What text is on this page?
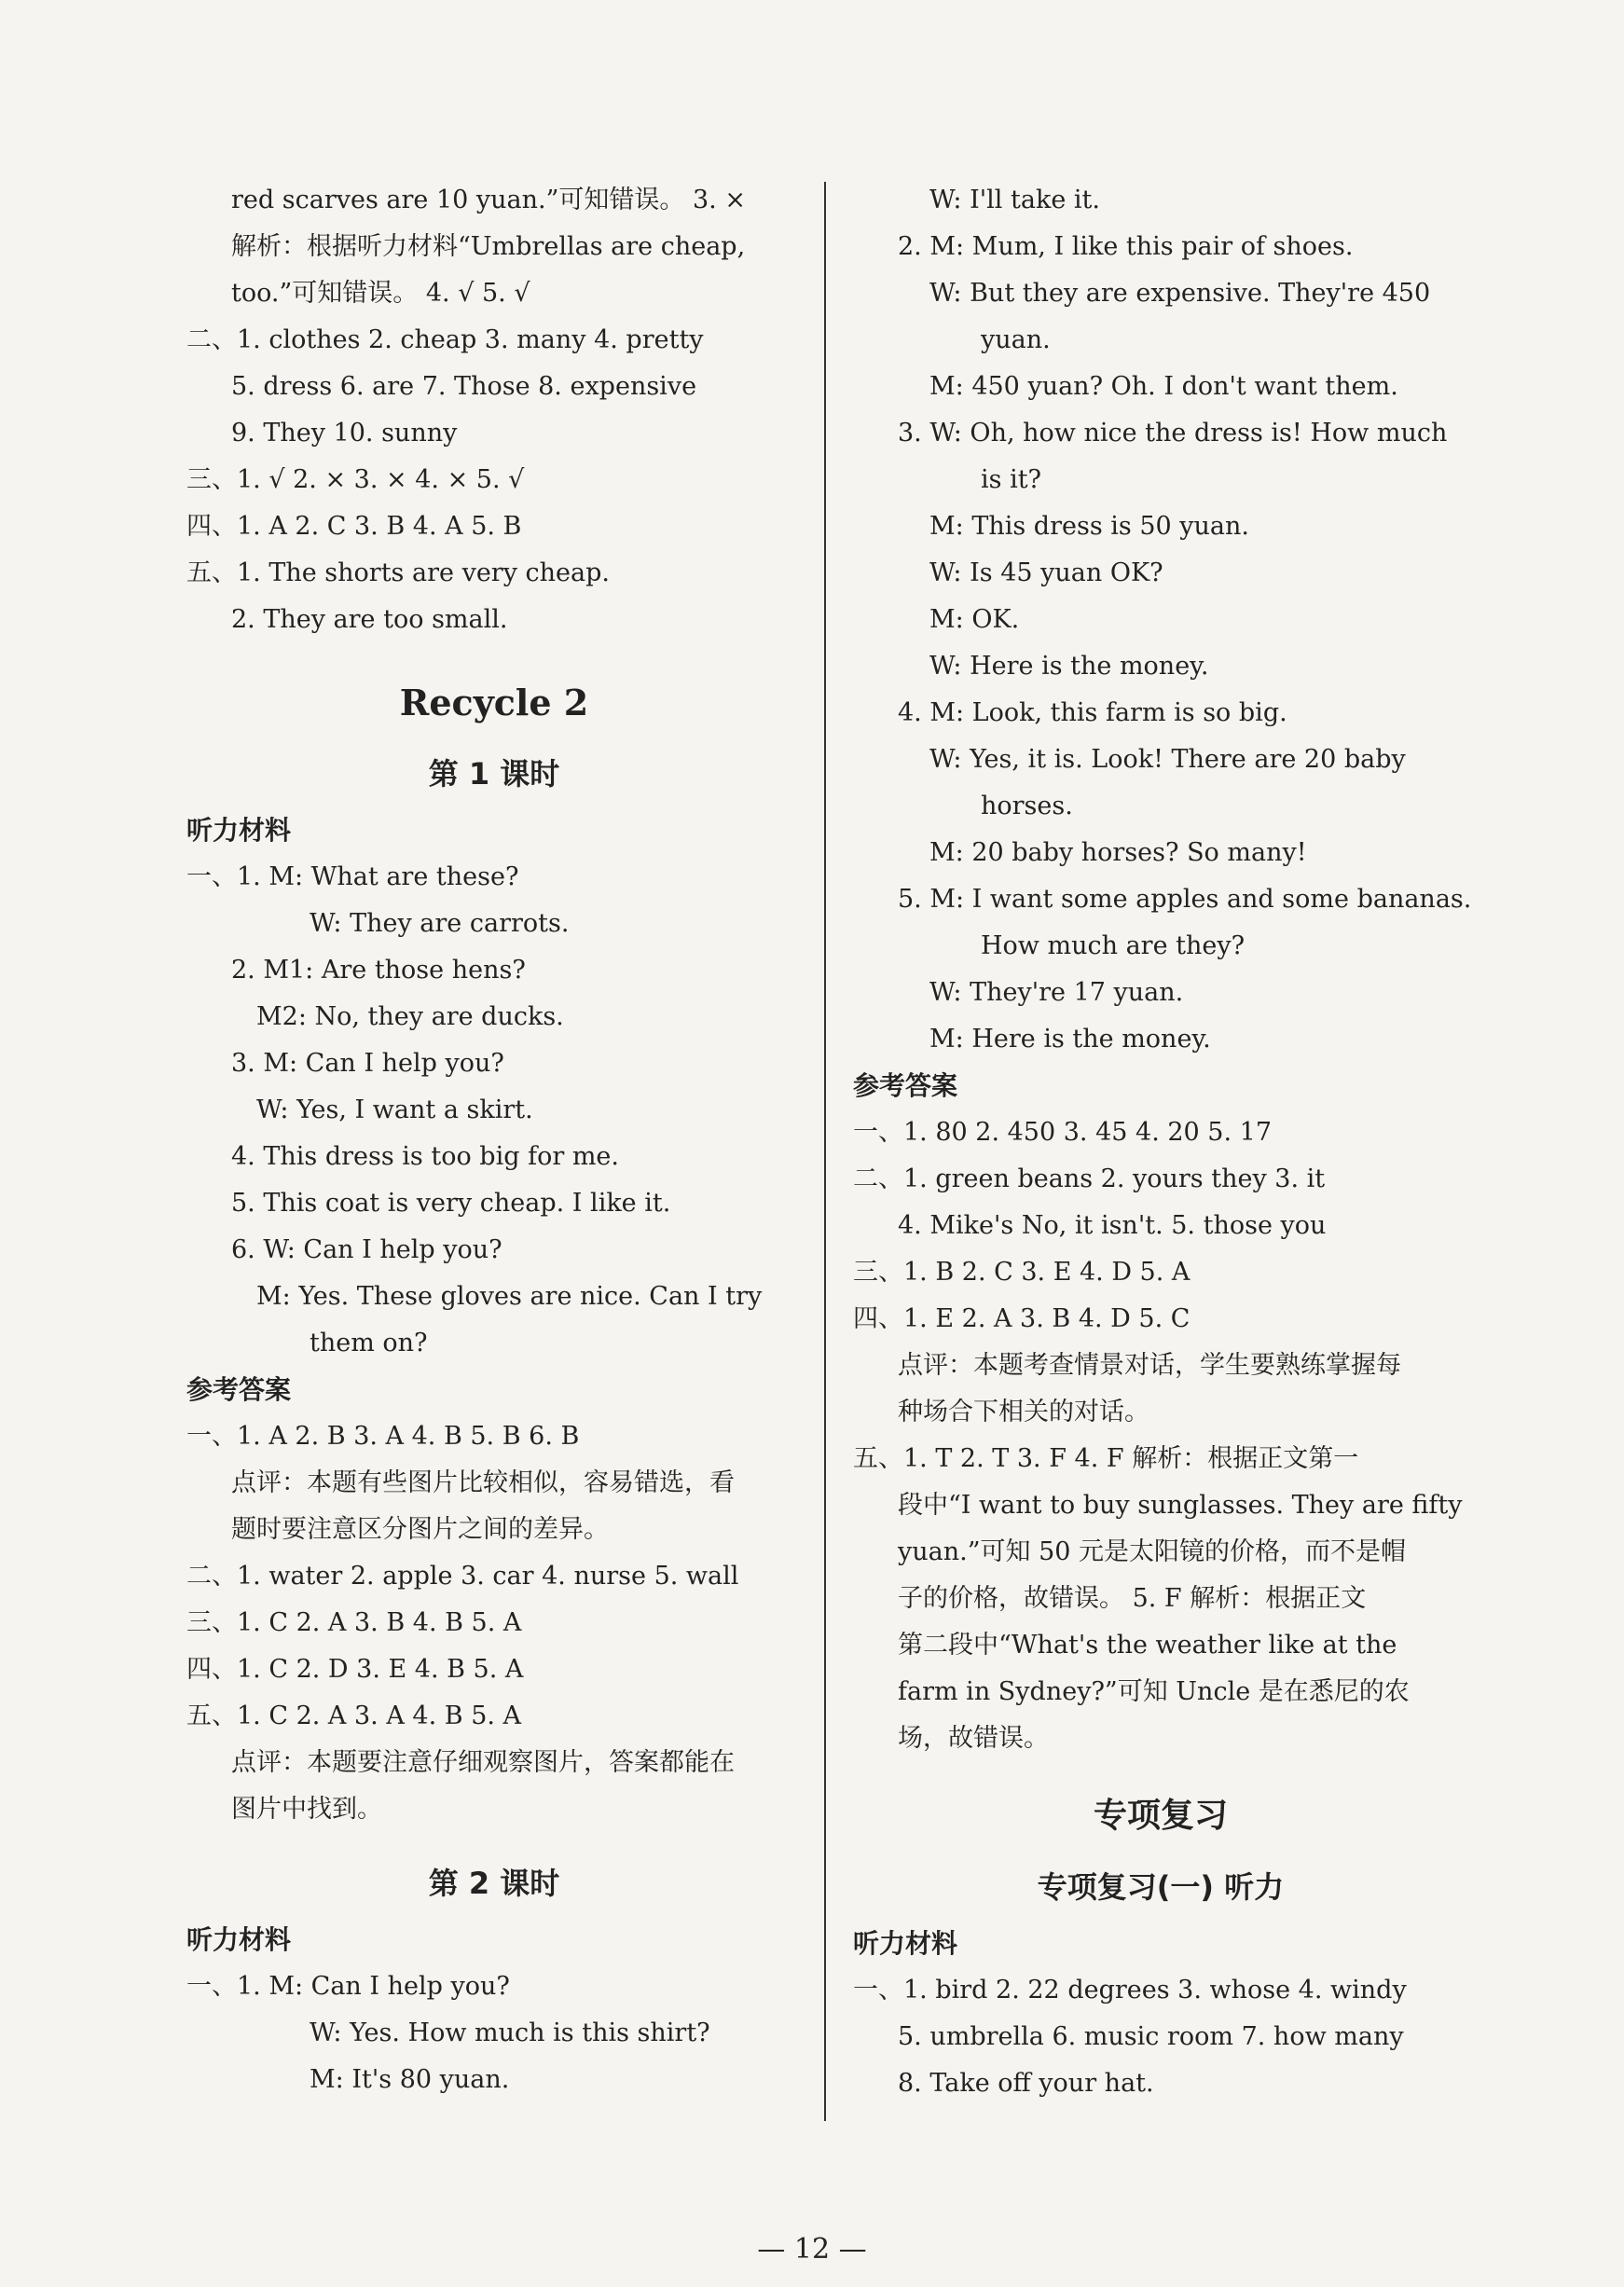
red scarves are 10 yuan.”可知错误。 3. ×
解析：根据听力材料“Umbrellas are cheap,
too.”可知错误。 4. √ 5. √
二、1. clothes 2. cheap 3. many 4. pretty
5. dress 6. are 7. Those 8. expensive
9. They 10. sunny
三、1. √ 2. × 3. × 4. × 5. √
四、1. A 2. C 3. B 4. A 5. B
五、1. The shorts are very cheap.
2. They are too small.
Recycle 2
第 1 课时
听力材料
一、1. M: What are these?
W: They are carrots.
2. M1: Are those hens?
M2: No, they are ducks.
3. M: Can I help you?
W: Yes, I want a skirt.
4. This dress is too big for me.
5. This coat is very cheap. I like it.
6. W: Can I help you?
M: Yes. These gloves are nice. Can I try
them on?
参考答案
一、1. A 2. B 3. A 4. B 5. B 6. B
点评：本题有些图片比较相似，容易错选，看
题时要注意区分图片之间的差异。
二、1. water 2. apple 3. car 4. nurse 5. wall
三、1. C 2. A 3. B 4. B 5. A
四、1. C 2. D 3. E 4. B 5. A
五、1. C 2. A 3. A 4. B 5. A
点评：本题要注意仔细观察图片，答案都能在
图片中找到。
第 2 课时
听力材料
一、1. M: Can I help you?
W: Yes. How much is this shirt?
M: It's 80 yuan.
W: I'll take it.
2. M: Mum, I like this pair of shoes.
W: But they are expensive. They're 450
yuan.
M: 450 yuan? Oh. I don't want them.
3. W: Oh, how nice the dress is! How much
is it?
M: This dress is 50 yuan.
W: Is 45 yuan OK?
M: OK.
W: Here is the money.
4. M: Look, this farm is so big.
W: Yes, it is. Look! There are 20 baby
horses.
M: 20 baby horses? So many!
5. M: I want some apples and some bananas.
How much are they?
W: They're 17 yuan.
M: Here is the money.
参考答案
一、1. 80 2. 450 3. 45 4. 20 5. 17
二、1. green beans 2. yours they 3. it
4. Mike's No, it isn't. 5. those you
三、1. B 2. C 3. E 4. D 5. A
四、1. E 2. A 3. B 4. D 5. C
点评：本题考查情景对话，学生要熟练掌握每
种场合下相关的对话。
五、1. T 2. T 3. F 4. F 解析：根据正文第一
段中“I want to buy sunglasses. They are fifty
yuan.”可知 50 元是太阳镜的价格，而不是帽
子的价格，故错误。 5. F 解析：根据正文
第二段中“What's the weather like at the
farm in Sydney?”可知 Uncle 是在悉尼的农
场，故错误。
专项复习
专项复习(一) 听力
听力材料
一、1. bird 2. 22 degrees 3. whose 4. windy
5. umbrella 6. music room 7. how many
8. Take off your hat.
— 12 —
